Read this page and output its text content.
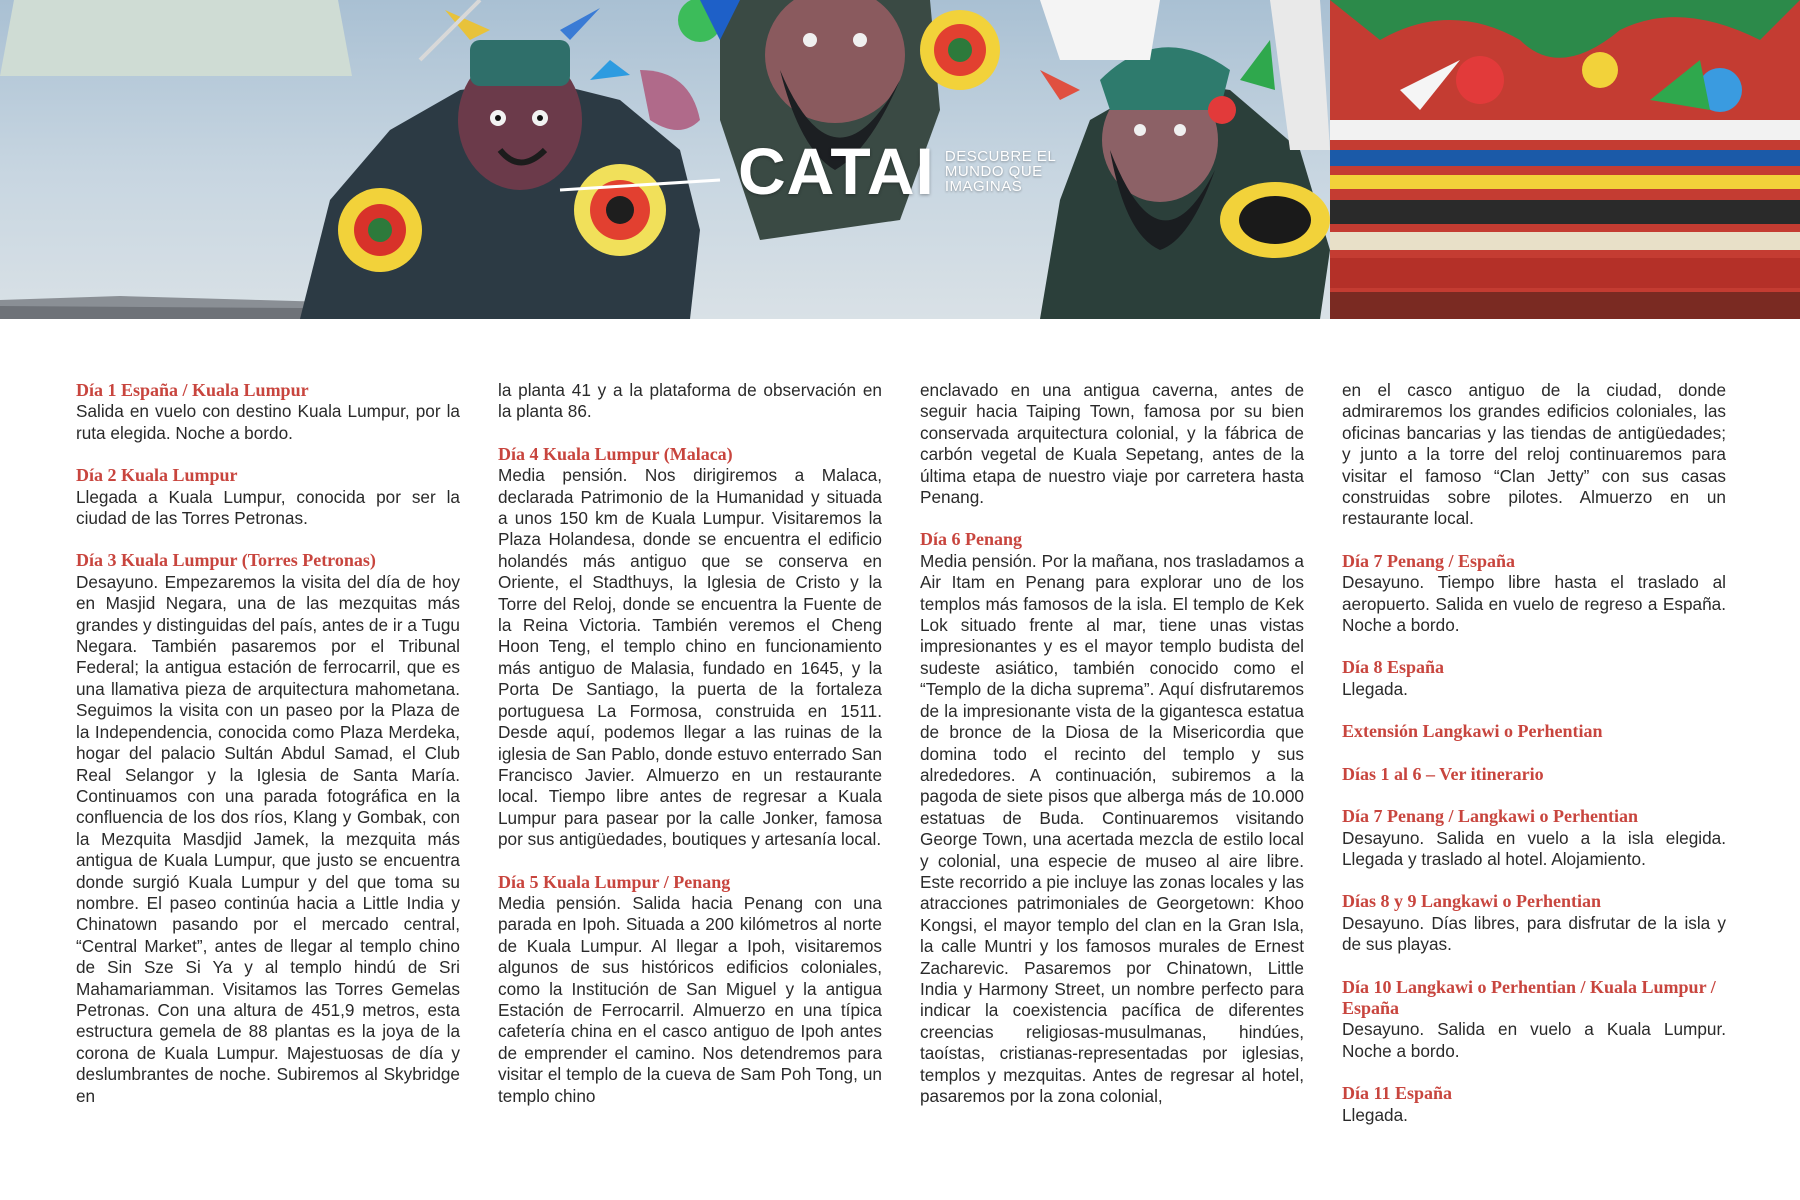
CATAI DESCUBRE EL
MUNDO QUE
IMAGINAS
Día 1 España / Kuala Lumpur
Salida en vuelo con destino Kuala Lumpur, por la ruta elegida. Noche a bordo.
Día 2 Kuala Lumpur
Llegada a Kuala Lumpur, conocida por ser la ciudad de las Torres Petronas.
Día 3 Kuala Lumpur (Torres Petronas)
Desayuno. Empezaremos la visita del día de hoy en Masjid Negara, una de las mezquitas más grandes y distinguidas del país, antes de ir a Tugu Negara. También pasaremos por el Tribunal Federal; la antigua estación de ferrocarril, que es una llamativa pieza de arquitectura mahometana. Seguimos la visita con un paseo por la Plaza de la Independencia, conocida como Plaza Merdeka, hogar del palacio Sultán Abdul Samad, el Club Real Selangor y la Iglesia de Santa María. Continuamos con una parada fotográfica en la confluencia de los dos ríos, Klang y Gombak, con la Mezquita Masdjid Jamek, la mezquita más antigua de Kuala Lumpur, que justo se encuentra donde surgió Kuala Lumpur y del que toma su nombre. El paseo continúa hacia a Little India y Chinatown pasando por el mercado central, “Central Market”, antes de llegar al templo chino de Sin Sze Si Ya y al templo hindú de Sri Mahamariamman. Visitamos las Torres Gemelas Petronas. Con una altura de 451,9 metros, esta estructura gemela de 88 plantas es la joya de la corona de Kuala Lumpur. Majestuosas de día y deslumbrantes de noche. Subiremos al Skybridge en
la planta 41 y a la plataforma de observación en la planta 86.
Día 4 Kuala Lumpur (Malaca)
Media pensión. Nos dirigiremos a Malaca, declarada Patrimonio de la Humanidad y situada a unos 150 km de Kuala Lumpur. Visitaremos la Plaza Holandesa, donde se encuentra el edificio holandés más antiguo que se conserva en Oriente, el Stadthuys, la Iglesia de Cristo y la Torre del Reloj, donde se encuentra la Fuente de la Reina Victoria. También veremos el Cheng Hoon Teng, el templo chino en funcionamiento más antiguo de Malasia, fundado en 1645, y la Porta De Santiago, la puerta de la fortaleza portuguesa La Formosa, construida en 1511. Desde aquí, podemos llegar a las ruinas de la iglesia de San Pablo, donde estuvo enterrado San Francisco Javier. Almuerzo en un restaurante local. Tiempo libre antes de regresar a Kuala Lumpur para pasear por la calle Jonker, famosa por sus antigüedades, boutiques y artesanía local.
Día 5 Kuala Lumpur / Penang
Media pensión. Salida hacia Penang con una parada en Ipoh. Situada a 200 kilómetros al norte de Kuala Lumpur. Al llegar a Ipoh, visitaremos algunos de sus históricos edificios coloniales, como la Institución de San Miguel y la antigua Estación de Ferrocarril. Almuerzo en una típica cafetería china en el casco antiguo de Ipoh antes de emprender el camino. Nos detendremos para visitar el templo de la cueva de Sam Poh Tong, un templo chino
enclavado en una antigua caverna, antes de seguir hacia Taiping Town, famosa por su bien conservada arquitectura colonial, y la fábrica de carbón vegetal de Kuala Sepetang, antes de la última etapa de nuestro viaje por carretera hasta Penang.
Día 6 Penang
Media pensión. Por la mañana, nos trasladamos a Air Itam en Penang para explorar uno de los templos más famosos de la isla. El templo de Kek Lok situado frente al mar, tiene unas vistas impresionantes y es el mayor templo budista del sudeste asiático, también conocido como el “Templo de la dicha suprema”. Aquí disfrutaremos de la impresionante vista de la gigantesca estatua de bronce de la Diosa de la Misericordia que domina todo el recinto del templo y sus alrededores. A continuación, subiremos a la pagoda de siete pisos que alberga más de 10.000 estatuas de Buda. Continuaremos visitando George Town, una acertada mezcla de estilo local y colonial, una especie de museo al aire libre. Este recorrido a pie incluye las zonas locales y las atracciones patrimoniales de Georgetown: Khoo Kongsi, el mayor templo del clan en la Gran Isla, la calle Muntri y los famosos murales de Ernest Zacharevic. Pasaremos por Chinatown, Little India y Harmony Street, un nombre perfecto para indicar la coexistencia pacífica de diferentes creencias religiosas-musulmanas, hindúes, taoístas, cristianas-representadas por iglesias, templos y mezquitas. Antes de regresar al hotel, pasaremos por la zona colonial,
en el casco antiguo de la ciudad, donde admiraremos los grandes edificios coloniales, las oficinas bancarias y las tiendas de antigüedades; y junto a la torre del reloj continuaremos para visitar el famoso “Clan Jetty” con sus casas construidas sobre pilotes. Almuerzo en un restaurante local.
Día 7 Penang / España
Desayuno. Tiempo libre hasta el traslado al aeropuerto. Salida en vuelo de regreso a España. Noche a bordo.
Día 8 España
Llegada.
Extensión Langkawi o Perhentian
Días 1 al 6 – Ver itinerario
Día 7 Penang / Langkawi o Perhentian
Desayuno. Salida en vuelo a la isla elegida. Llegada y traslado al hotel. Alojamiento.
Días 8 y 9 Langkawi o Perhentian
Desayuno. Días libres, para disfrutar de la isla y de sus playas.
Día 10 Langkawi o Perhentian / Kuala Lumpur / España
Desayuno. Salida en vuelo a Kuala Lumpur. Noche a bordo.
Día 11 España
Llegada.
